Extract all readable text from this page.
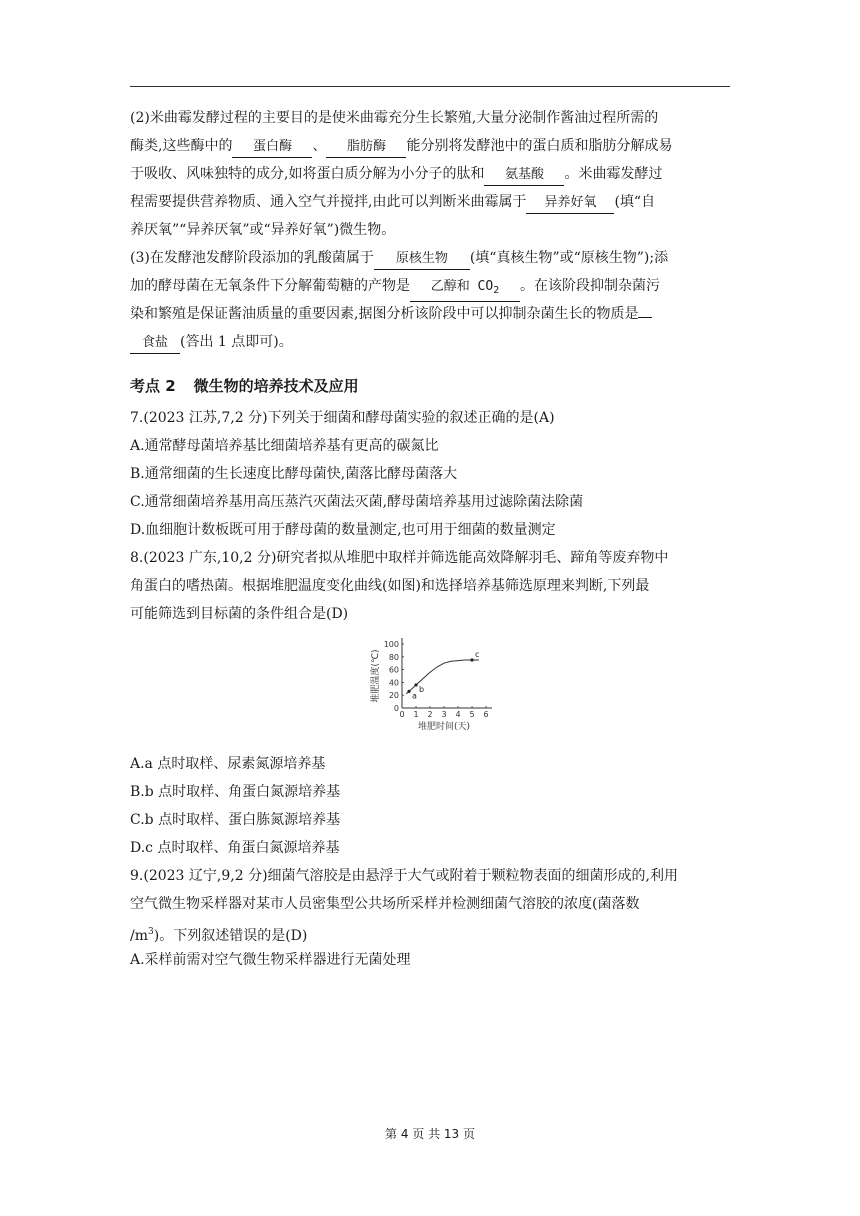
(2)米曲霉发酵过程的主要目的是使米曲霉充分生长繁殖,大量分泌制作酱油过程所需的
酶类,这些酶中的 蛋白酶 、 脂肪酶 能分别将发酵池中的蛋白质和脂肪分解成易
于吸收、风味独特的成分,如将蛋白质分解为小分子的肽和 氨基酸 。米曲霉发酵过
程需要提供营养物质、通入空气并搅拌,由此可以判断米曲霉属于 异养好氧 (填“自
养厌氧”“异养厌氧”或“异养好氧”)微生物。
(3)在发酵池发酵阶段添加的乳酸菌属于 原核生物 (填“真核生物”或“原核生物”);添
加的酵母菌在无氧条件下分解葡萄糖的产物是 乙醇和 $CO_2$ 。在该阶段抑制杂菌污
染和繁殖是保证酱油质量的重要因素,据图分析该阶段中可以抑制杂菌生长的物质是
食盐 (答出 1 点即可)。
考点 2 微生物的培养技术及应用
7.(2023 江苏,7,2 分)下列关于细菌和酵母菌实验的叙述正确的是(A)
A.通常酵母菌培养基比细菌培养基有更高的碳氮比
B.通常细菌的生长速度比酵母菌快,菌落比酵母菌落大
C.通常细菌培养基用高压蒸汽灭菌法灭菌,酵母菌培养基用过滤除菌法除菌
D.血细胞计数板既可用于酵母菌的数量测定,也可用于细菌的数量测定
8.(2023 广东,10,2 分)研究者拟从堆肥中取样并筛选能高效降解羽毛、蹄角等废弃物中
角蛋白的嗜热菌。根据堆肥温度变化曲线(如图)和选择培养基筛选原理来判断,下列最
可能筛选到目标菌的条件组合是(D)
0 1 2 3 4 5 6
0
20
40
60
80
100
堆肥时间(天)
堆肥温度(℃)	a
b
c
A.a 点时取样、尿素氮源培养基
B.b 点时取样、角蛋白氮源培养基
C.b 点时取样、蛋白胨氮源培养基
D.c 点时取样、角蛋白氮源培养基
9.(2023 辽宁,9,2 分)细菌气溶胶是由悬浮于大气或附着于颗粒物表面的细菌形成的,利用
空气微生物采样器对某市人员密集型公共场所采样并检测细菌气溶胶的浓度(菌落数
$/m^3$)。下列叙述错误的是(D)
A.采样前需对空气微生物采样器进行无菌处理
第 4 页 共 13 页
